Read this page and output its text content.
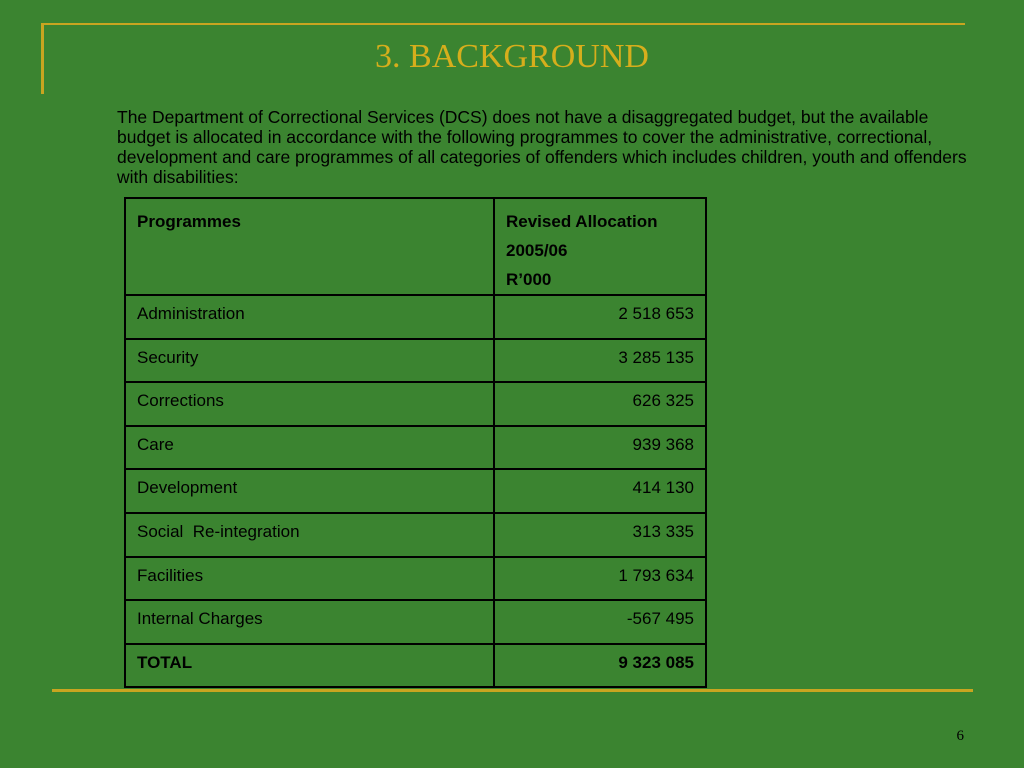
3. BACKGROUND

The Department of Correctional Services (DCS) does not have a disaggregated budget, but the available budget is allocated in accordance with the following programmes to cover the administrative, correctional, development and care programmes of all categories of offenders which includes children, youth and offenders with disabilities:

Programmes	Revised Allocation
2005/06
R’000

Administration	2 518 653
Security	3 285 135
Corrections	626 325
Care	939 368
Development	414 130
Social  Re-integration	313 335
Facilities	1 793 634
Internal Charges	-567 495
TOTAL	9 323 085
6
